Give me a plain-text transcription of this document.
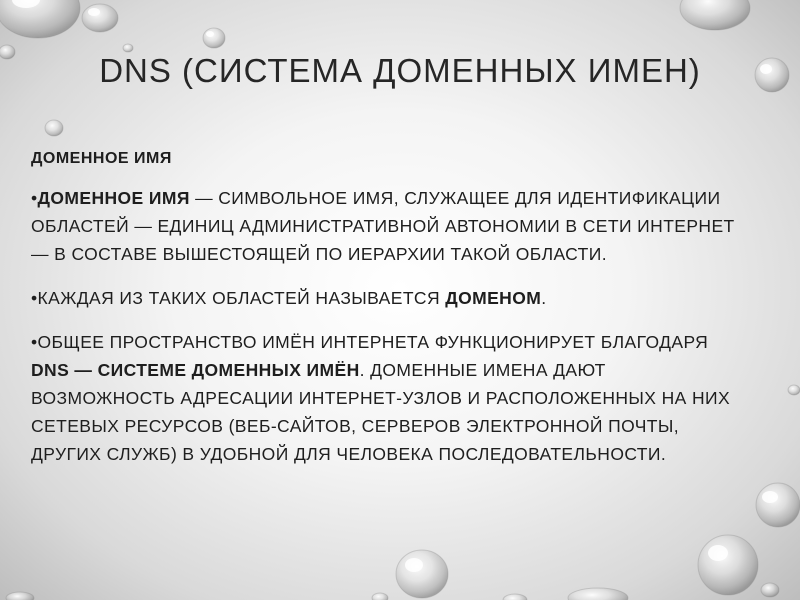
DNS (СИСТЕМА ДОМЕННЫХ ИМЕН)

ДОМЕННОЕ ИМЯ

•ДОМЕННОЕ ИМЯ — СИМВОЛЬНОЕ ИМЯ, СЛУЖАЩЕЕ ДЛЯ ИДЕНТИФИКАЦИИ ОБЛАСТЕЙ — ЕДИНИЦ АДМИНИСТРАТИВНОЙ АВТОНОМИИ В СЕТИ ИНТЕРНЕТ — В СОСТАВЕ ВЫШЕСТОЯЩЕЙ ПО ИЕРАРХИИ ТАКОЙ ОБЛАСТИ.

•КАЖДАЯ ИЗ ТАКИХ ОБЛАСТЕЙ НАЗЫВАЕТСЯ ДОМЕНОМ.

•ОБЩЕЕ ПРОСТРАНСТВО ИМЁН ИНТЕРНЕТА ФУНКЦИОНИРУЕТ БЛАГОДАРЯ DNS — СИСТЕМЕ ДОМЕННЫХ ИМЁН. ДОМЕННЫЕ ИМЕНА ДАЮТ ВОЗМОЖНОСТЬ АДРЕСАЦИИ ИНТЕРНЕТ-УЗЛОВ И РАСПОЛОЖЕННЫХ НА НИХ СЕТЕВЫХ РЕСУРСОВ (ВЕБ-САЙТОВ, СЕРВЕРОВ ЭЛЕКТРОННОЙ ПОЧТЫ, ДРУГИХ СЛУЖБ) В УДОБНОЙ ДЛЯ ЧЕЛОВЕКА ПОСЛЕДОВАТЕЛЬНОСТИ.
